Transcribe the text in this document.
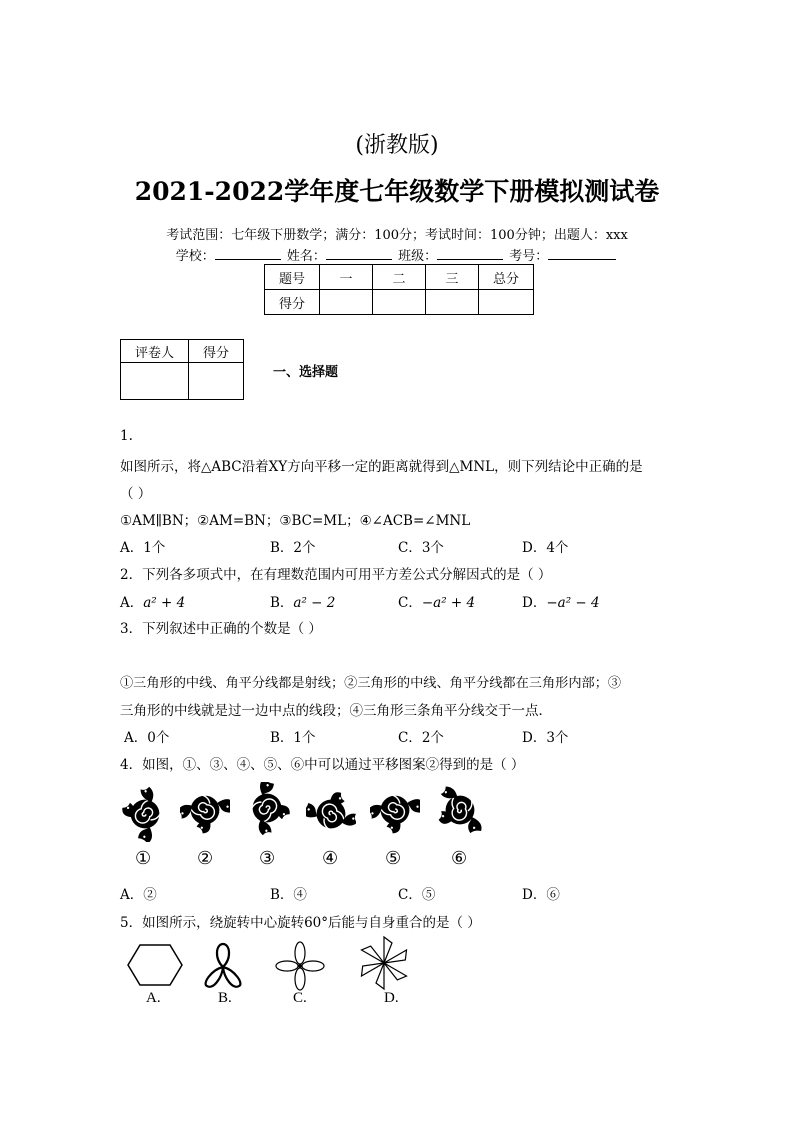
(浙教版)
2021-2022学年度七年级数学下册模拟测试卷
考试范围：七年级下册数学；满分：100分；考试时间：100分钟；出题人：xxx
学校：	姓名：	班级：	考号：
题号	一	二	三	总分
得分				
评卷人	得分

一、选择题
1.
如图所示，将△ABC沿着XY方向平移一定的距离就得到△MNL，则下列结论中正确的是
（ ）
①AM∥BN；②AM=BN；③BC=ML；④∠ACB=∠MNL
A．1个	B．2个	C．3个	D．4个
2．下列各多项式中，在有理数范围内可用平方差公式分解因式的是（ ）
A．a² + 4	B．a² − 2	C．−a² + 4	D．−a² − 4
3．下列叙述中正确的个数是（ ）
①三角形的中线、角平分线都是射线；②三角形的中线、角平分线都在三角形内部；③
三角形的中线就是过一边中点的线段；④三角形三条角平分线交于一点．
A．0个	B．1个	C．2个	D．3个
4．如图，①、③、④、⑤、⑥中可以通过平移图案②得到的是（ ）
①	②	③	④	⑤	⑥
A．②	B．④	C．⑤	D．⑥
5．如图所示，绕旋转中心旋转60°后能与自身重合的是（ ）
A.	B.	C.	D.
